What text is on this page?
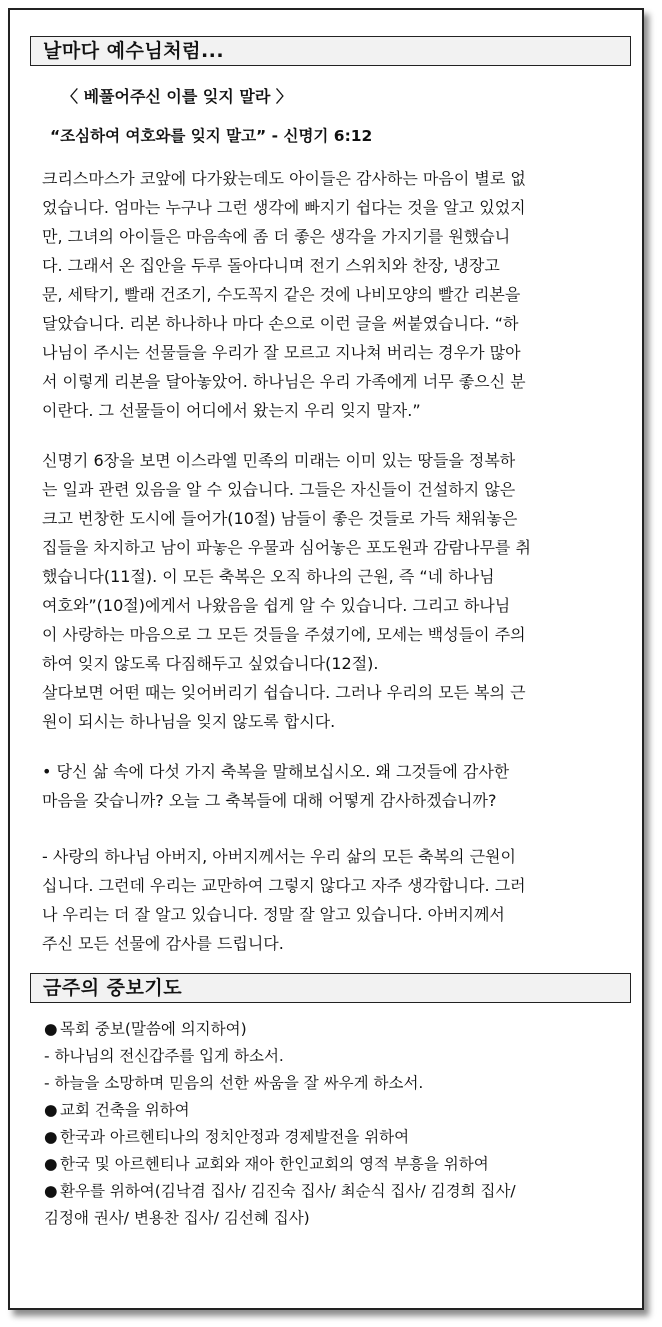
날마다 예수님처럼...
〈 베풀어주신 이를 잊지 말라 〉
“조심하여 여호와를 잊지 말고” - 신명기 6:12

크리스마스가 코앞에 다가왔는데도 아이들은 감사하는 마음이 별로 없
었습니다. 엄마는 누구나 그런 생각에 빠지기 쉽다는 것을 알고 있었지
만, 그녀의 아이들은 마음속에 좀 더 좋은 생각을 가지기를 원했습니
다. 그래서 온 집안을 두루 돌아다니며 전기 스위치와 찬장, 냉장고
문, 세탁기, 빨래 건조기, 수도꼭지 같은 것에 나비모양의 빨간 리본을
달았습니다. 리본 하나하나 마다 손으로 이런 글을 써붙였습니다. “하
나님이 주시는 선물들을 우리가 잘 모르고 지나쳐 버리는 경우가 많아
서 이렇게 리본을 달아놓았어. 하나님은 우리 가족에게 너무 좋으신 분
이란다. 그 선물들이 어디에서 왔는지 우리 잊지 말자.”

신명기 6장을 보면 이스라엘 민족의 미래는 이미 있는 땅들을 정복하
는 일과 관련 있음을 알 수 있습니다. 그들은 자신들이 건설하지 않은
크고 번창한 도시에 들어가(10절) 남들이 좋은 것들로 가득 채워놓은
집들을 차지하고 남이 파놓은 우물과 심어놓은 포도원과 감람나무를 취
했습니다(11절). 이 모든 축복은 오직 하나의 근원, 즉 “네 하나님
여호와”(10절)에게서 나왔음을 쉽게 알 수 있습니다. 그리고 하나님
이 사랑하는 마음으로 그 모든 것들을 주셨기에, 모세는 백성들이 주의
하여 잊지 않도록 다짐해두고 싶었습니다(12절).
살다보면 어떤 때는 잊어버리기 쉽습니다. 그러나 우리의 모든 복의 근
원이 되시는 하나님을 잊지 않도록 합시다.

• 당신 삶 속에 다섯 가지 축복을 말해보십시오. 왜 그것들에 감사한
마음을 갖습니까? 오늘 그 축복들에 대해 어떻게 감사하겠습니까?

- 사랑의 하나님 아버지, 아버지께서는 우리 삶의 모든 축복의 근원이
십니다. 그런데 우리는 교만하여 그렇지 않다고 자주 생각합니다. 그러
나 우리는 더 잘 알고 있습니다. 정말 잘 알고 있습니다. 아버지께서
주신 모든 선물에 감사를 드립니다.

금주의 중보기도
● 목회 중보(말씀에 의지하여)
- 하나님의 전신갑주를 입게 하소서.
- 하늘을 소망하며 믿음의 선한 싸움을 잘 싸우게 하소서.
● 교회 건축을 위하여
● 한국과 아르헨티나의 정치안정과 경제발전을 위하여
● 한국 및 아르헨티나 교회와 재아 한인교회의 영적 부흥을 위하여
● 환우를 위하여(김낙겸 집사/ 김진숙 집사/ 최순식 집사/ 김경희 집사/
김정애 권사/ 변용찬 집사/ 김선혜 집사)
